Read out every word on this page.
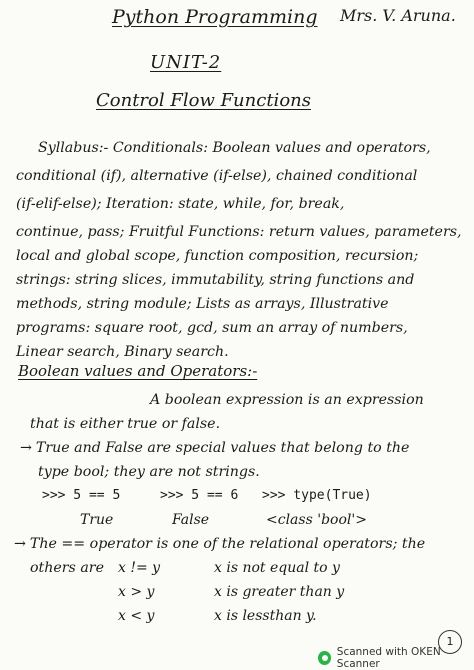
Python Programming Mrs. V. Aruna.
UNIT-2
Control Flow Functions
Syllabus:- Conditionals: Boolean values and operators,
conditional (if), alternative (if-else), chained conditional
(if-elif-else); Iteration: state, while, for, break,
continue, pass; Fruitful Functions: return values, parameters,
local and global scope, function composition, recursion;
strings: string slices, immutability, string functions and
methods, string module; Lists as arrays, Illustrative
programs: square root, gcd, sum an array of numbers,
Linear search, Binary search.
Boolean values and Operators:-
A boolean expression is an expression
that is either true or false.
→ True and False are special values that belong to the
type bool; they are not strings.
>>> 5 == 5	>>> 5 == 6 >>> type(True)
True	False	<class 'bool'>
→ The == operator is one of the relational operators; the
others are x != y	x is not equal to y
x > y	x is greater than y
x < y	x is lessthan y.
1
Scanned with OKEN Scanner
